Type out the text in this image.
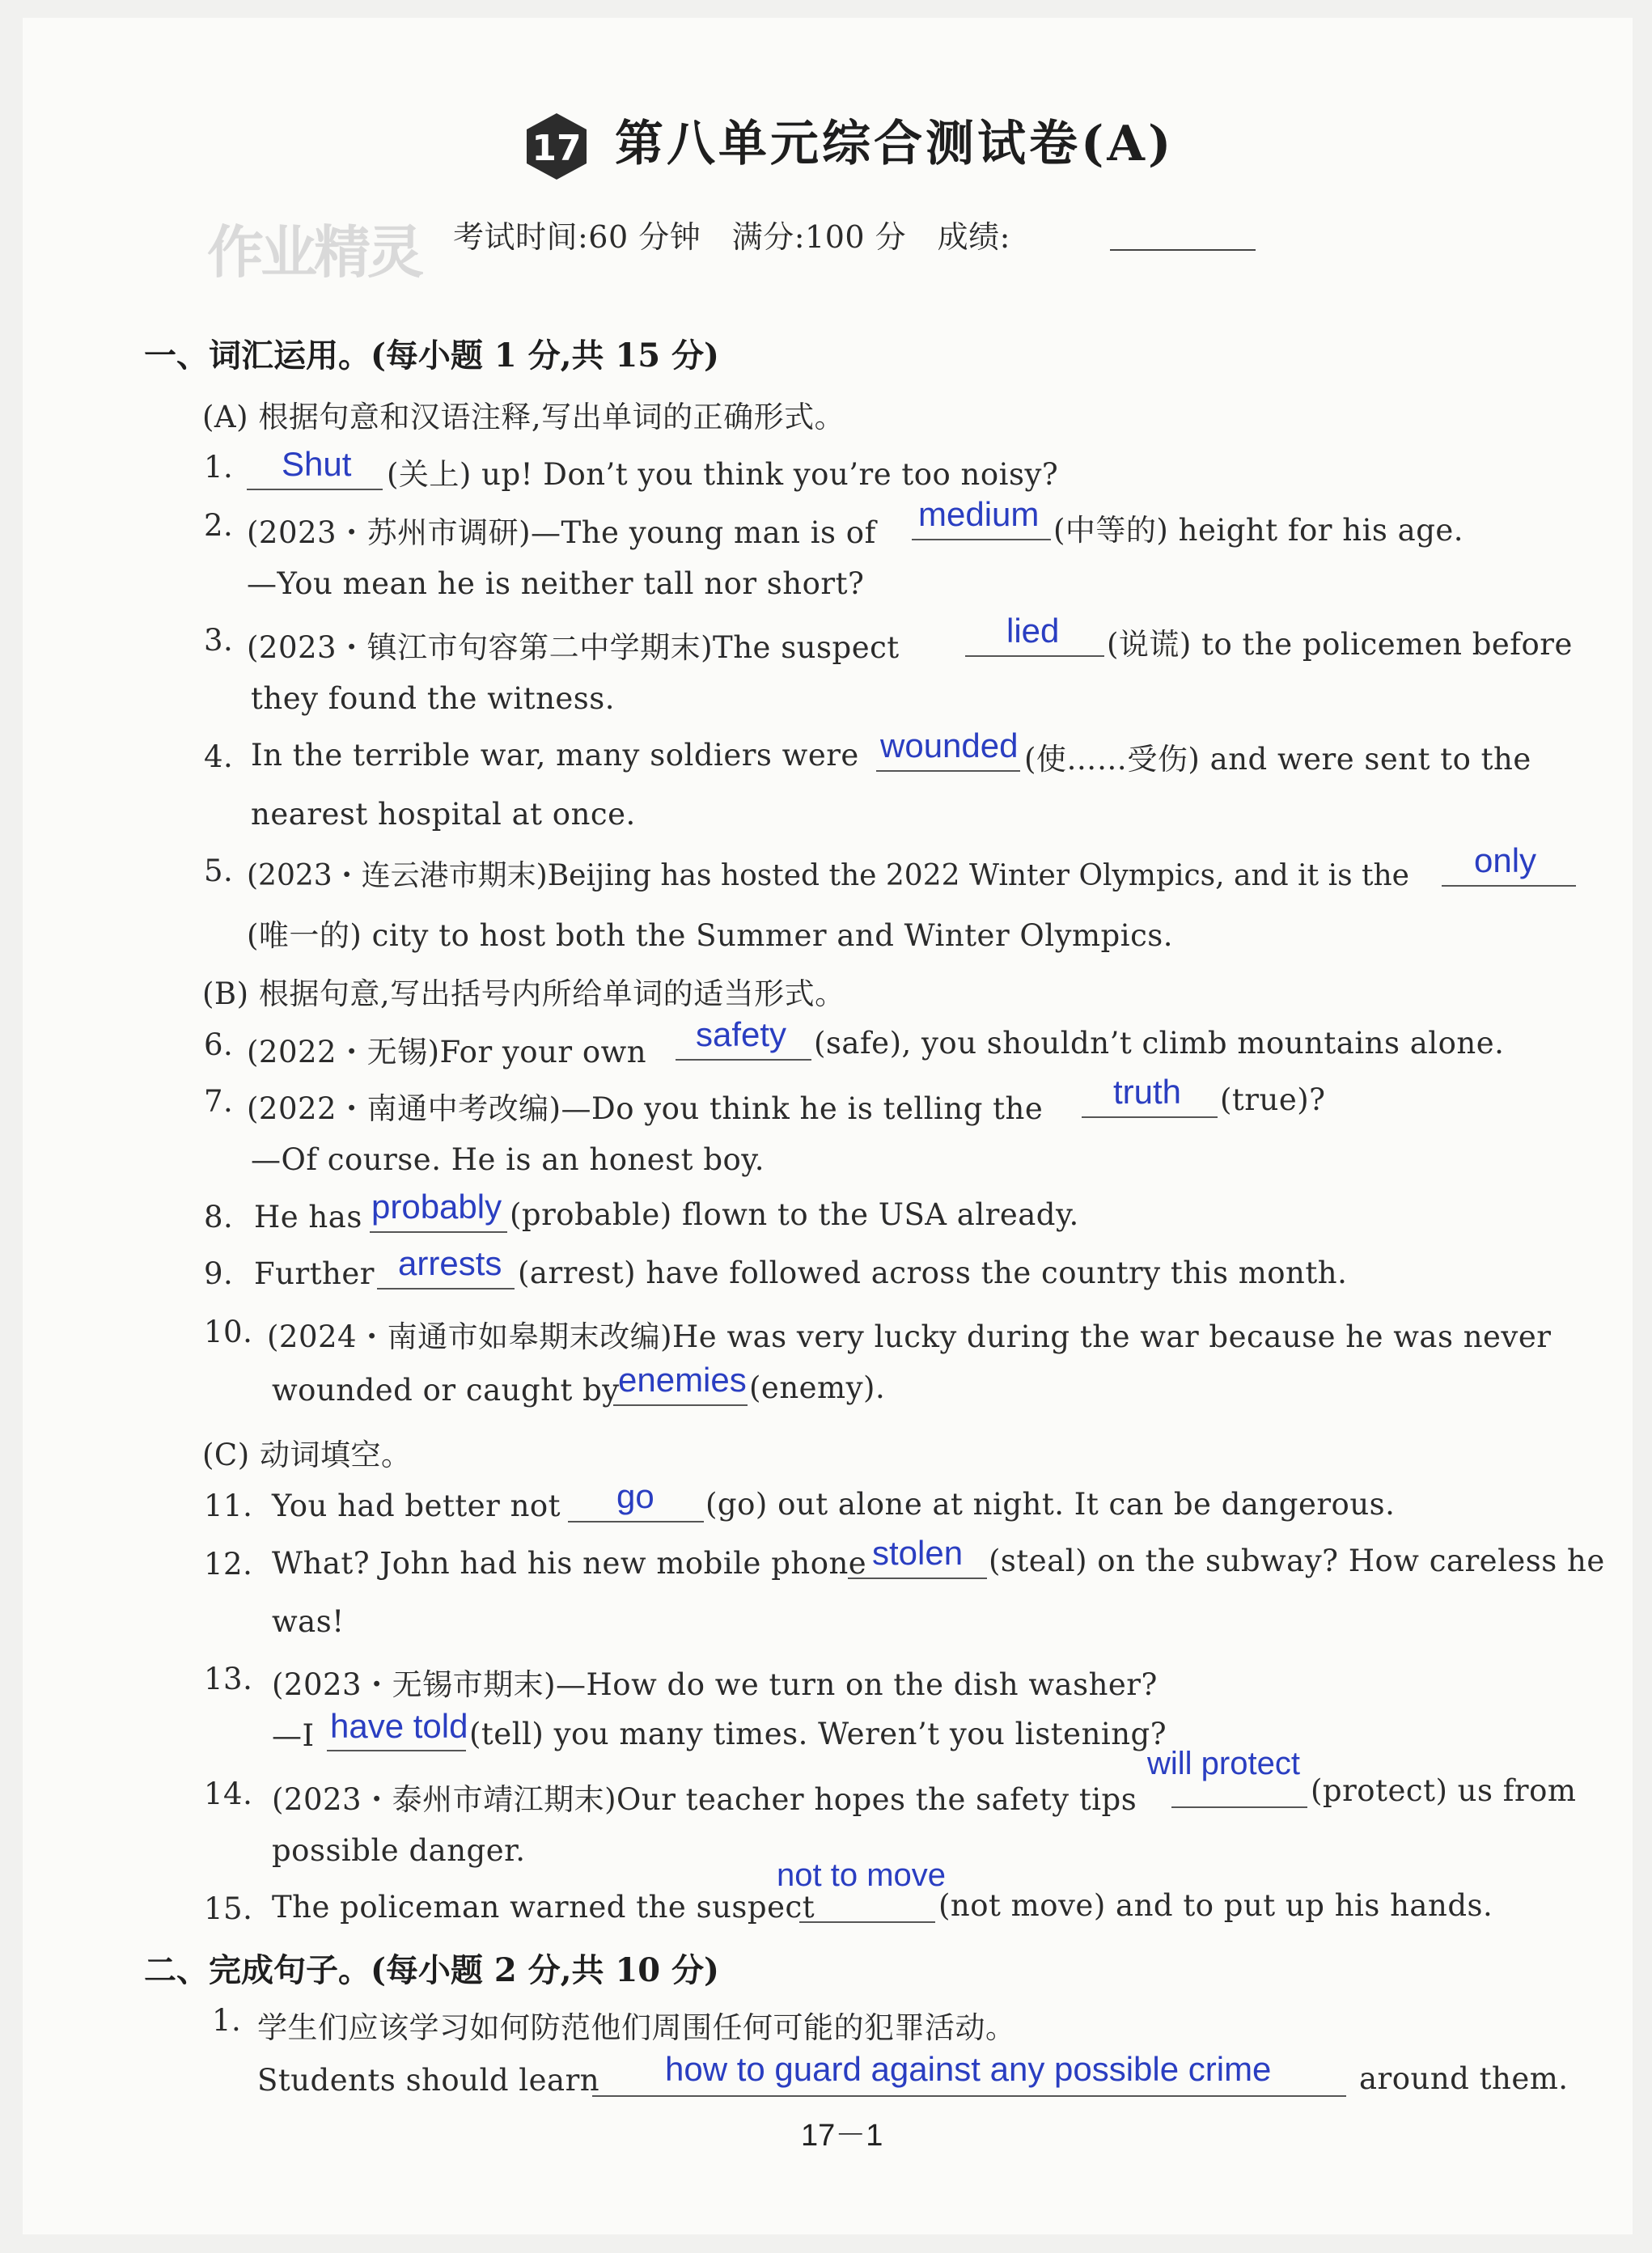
17 第八单元综合测试卷(A)
作业精灵 考试时间:60 分钟　满分:100 分　成绩:
一、词汇运用。(每小题 1 分,共 15 分)
(A) 根据句意和汉语注释,写出单词的正确形式。
1. Shut (关上) up! Don’t you think you’re too noisy?
2. (2023・苏州市调研)—The young man is of medium (中等的) height for his age.
—You mean he is neither tall nor short?
3. (2023・镇江市句容第二中学期末)The suspect	lied (说谎) to the policemen before
they found the witness.
4. In the terrible war, many soldiers were wounded (使……受伤) and were sent to the
nearest hospital at once.
5. (2023・连云港市期末)Beijing has hosted the 2022 Winter Olympics, and it is the only
(唯一的) city to host both the Summer and Winter Olympics.
(B) 根据句意,写出括号内所给单词的适当形式。
6. (2022・无锡)For your own safety (safe), you shouldn’t climb mountains alone.
7. (2022・南通中考改编)—Do you think he is telling the truth (true)?
—Of course. He is an honest boy.
8. He has probably (probable) flown to the USA already.
9. Further arrests (arrest) have followed across the country this month.
10. (2024・南通市如皋期末改编)He was very lucky during the war because he was never
wounded or caught by
enemies (enemy).
(C) 动词填空。
11. You had better not go (go) out alone at night. It can be dangerous.
12. What? John had his new mobile phone stolen (steal) on the subway? How careless he
was!
13. (2023・无锡市期末)—How do we turn on the dish washer?
—I have told (tell) you many times. Weren’t you listening?
14. (2023・泰州市靖江期末)Our teacher hopes the safety tips
will protect
(protect) us from
possible danger.
15. The policeman warned the suspect
not to move
(not move) and to put up his hands.
二、完成句子。(每小题 2 分,共 10 分)
1. 学生们应该学习如何防范他们周围任何可能的犯罪活动。
Students should learn how to guard against any possible crime	around them.
17－1
